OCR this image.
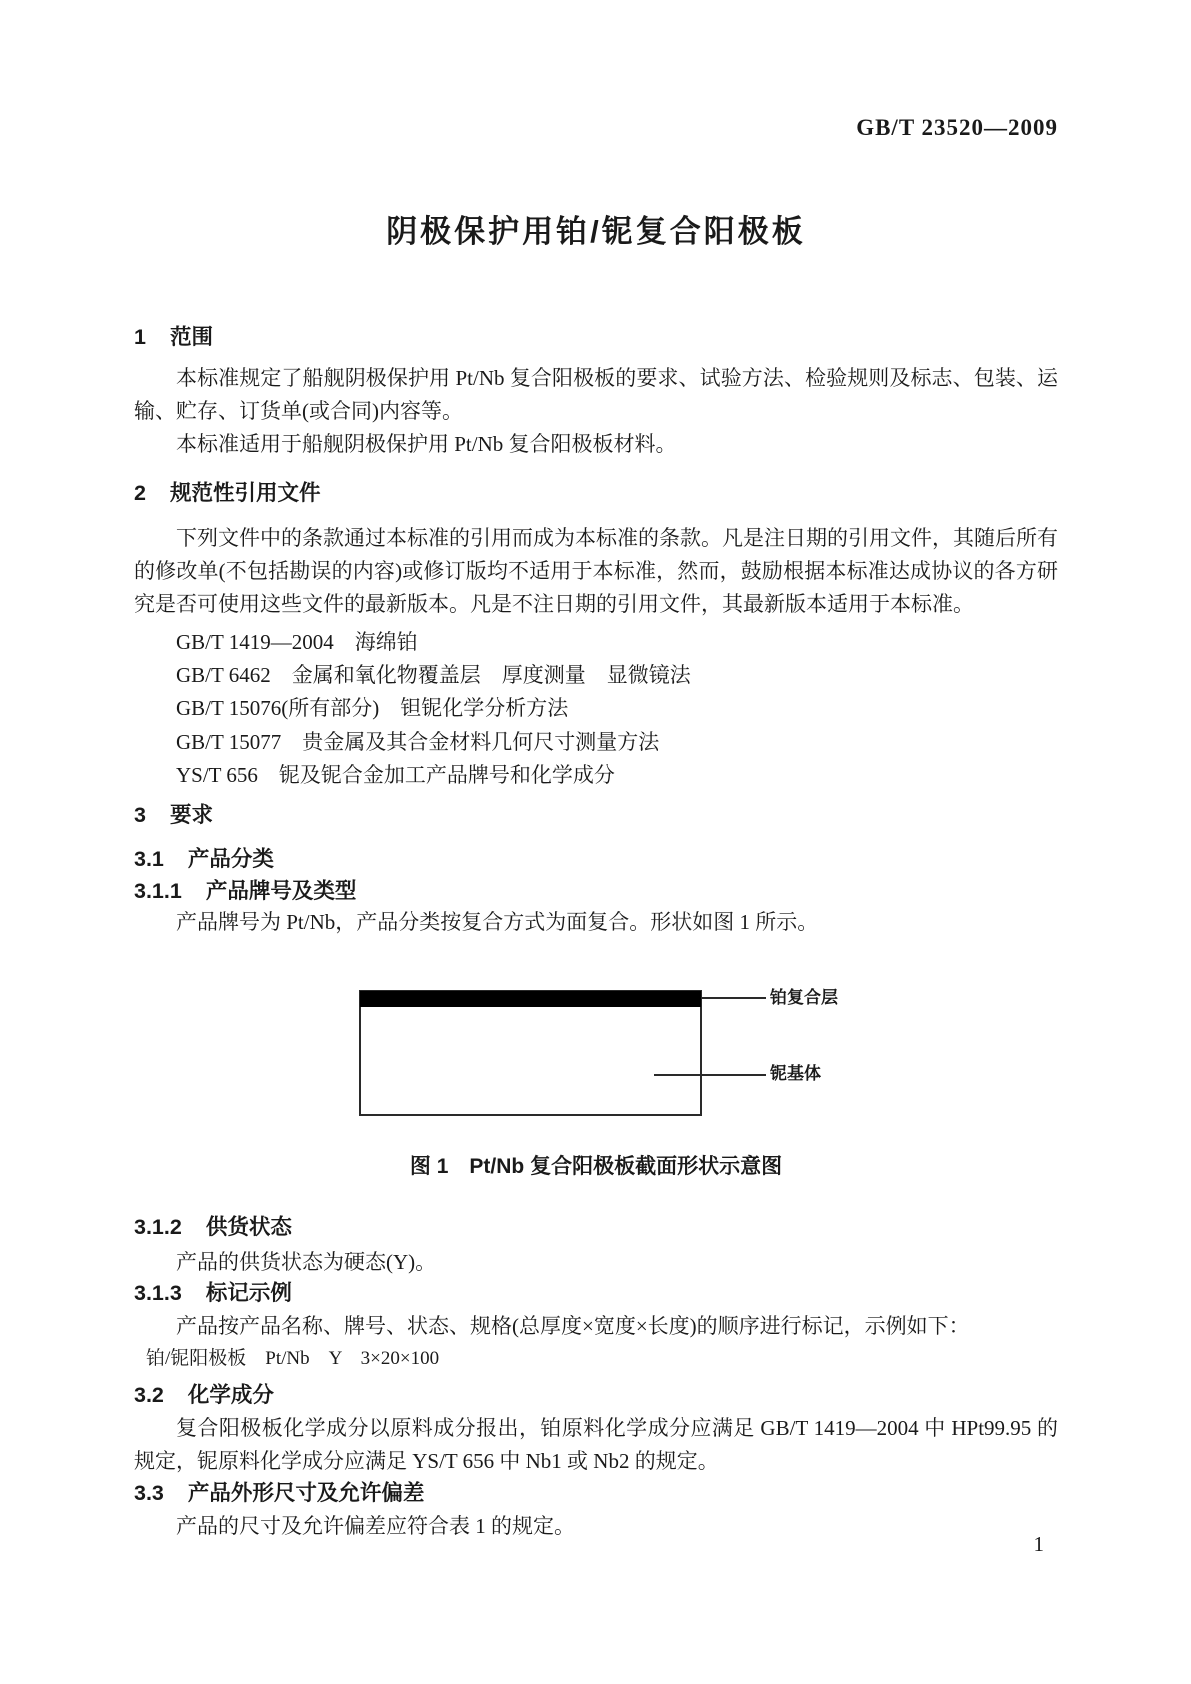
GB/T 23520—2009
阴极保护用铂/铌复合阳极板
1 范围
本标准规定了船舰阴极保护用 Pt/Nb 复合阳极板的要求、试验方法、检验规则及标志、包装、运输、贮存、订货单(或合同)内容等。
本标准适用于船舰阴极保护用 Pt/Nb 复合阳极板材料。
2 规范性引用文件
下列文件中的条款通过本标准的引用而成为本标准的条款。凡是注日期的引用文件，其随后所有的修改单(不包括勘误的内容)或修订版均不适用于本标准，然而，鼓励根据本标准达成协议的各方研究是否可使用这些文件的最新版本。凡是不注日期的引用文件，其最新版本适用于本标准。
GB/T 1419—2004　海绵铂
GB/T 6462　金属和氧化物覆盖层　厚度测量　显微镜法
GB/T 15076(所有部分)　钽铌化学分析方法
GB/T 15077　贵金属及其合金材料几何尺寸测量方法
YS/T 656　铌及铌合金加工产品牌号和化学成分
3 要求
3.1 产品分类
3.1.1 产品牌号及类型
产品牌号为 Pt/Nb，产品分类按复合方式为面复合。形状如图 1 所示。
铂复合层
铌基体
图 1　Pt/Nb 复合阳极板截面形状示意图
3.1.2 供货状态
产品的供货状态为硬态(Y)。
3.1.3 标记示例
产品按产品名称、牌号、状态、规格(总厚度×宽度×长度)的顺序进行标记，示例如下：
铂/铌阳极板　Pt/Nb　Y　3×20×100
3.2 化学成分
复合阳极板化学成分以原料成分报出，铂原料化学成分应满足 GB/T 1419—2004 中 HPt99.95 的规定，铌原料化学成分应满足 YS/T 656 中 Nb1 或 Nb2 的规定。
3.3 产品外形尺寸及允许偏差
产品的尺寸及允许偏差应符合表 1 的规定。
1
